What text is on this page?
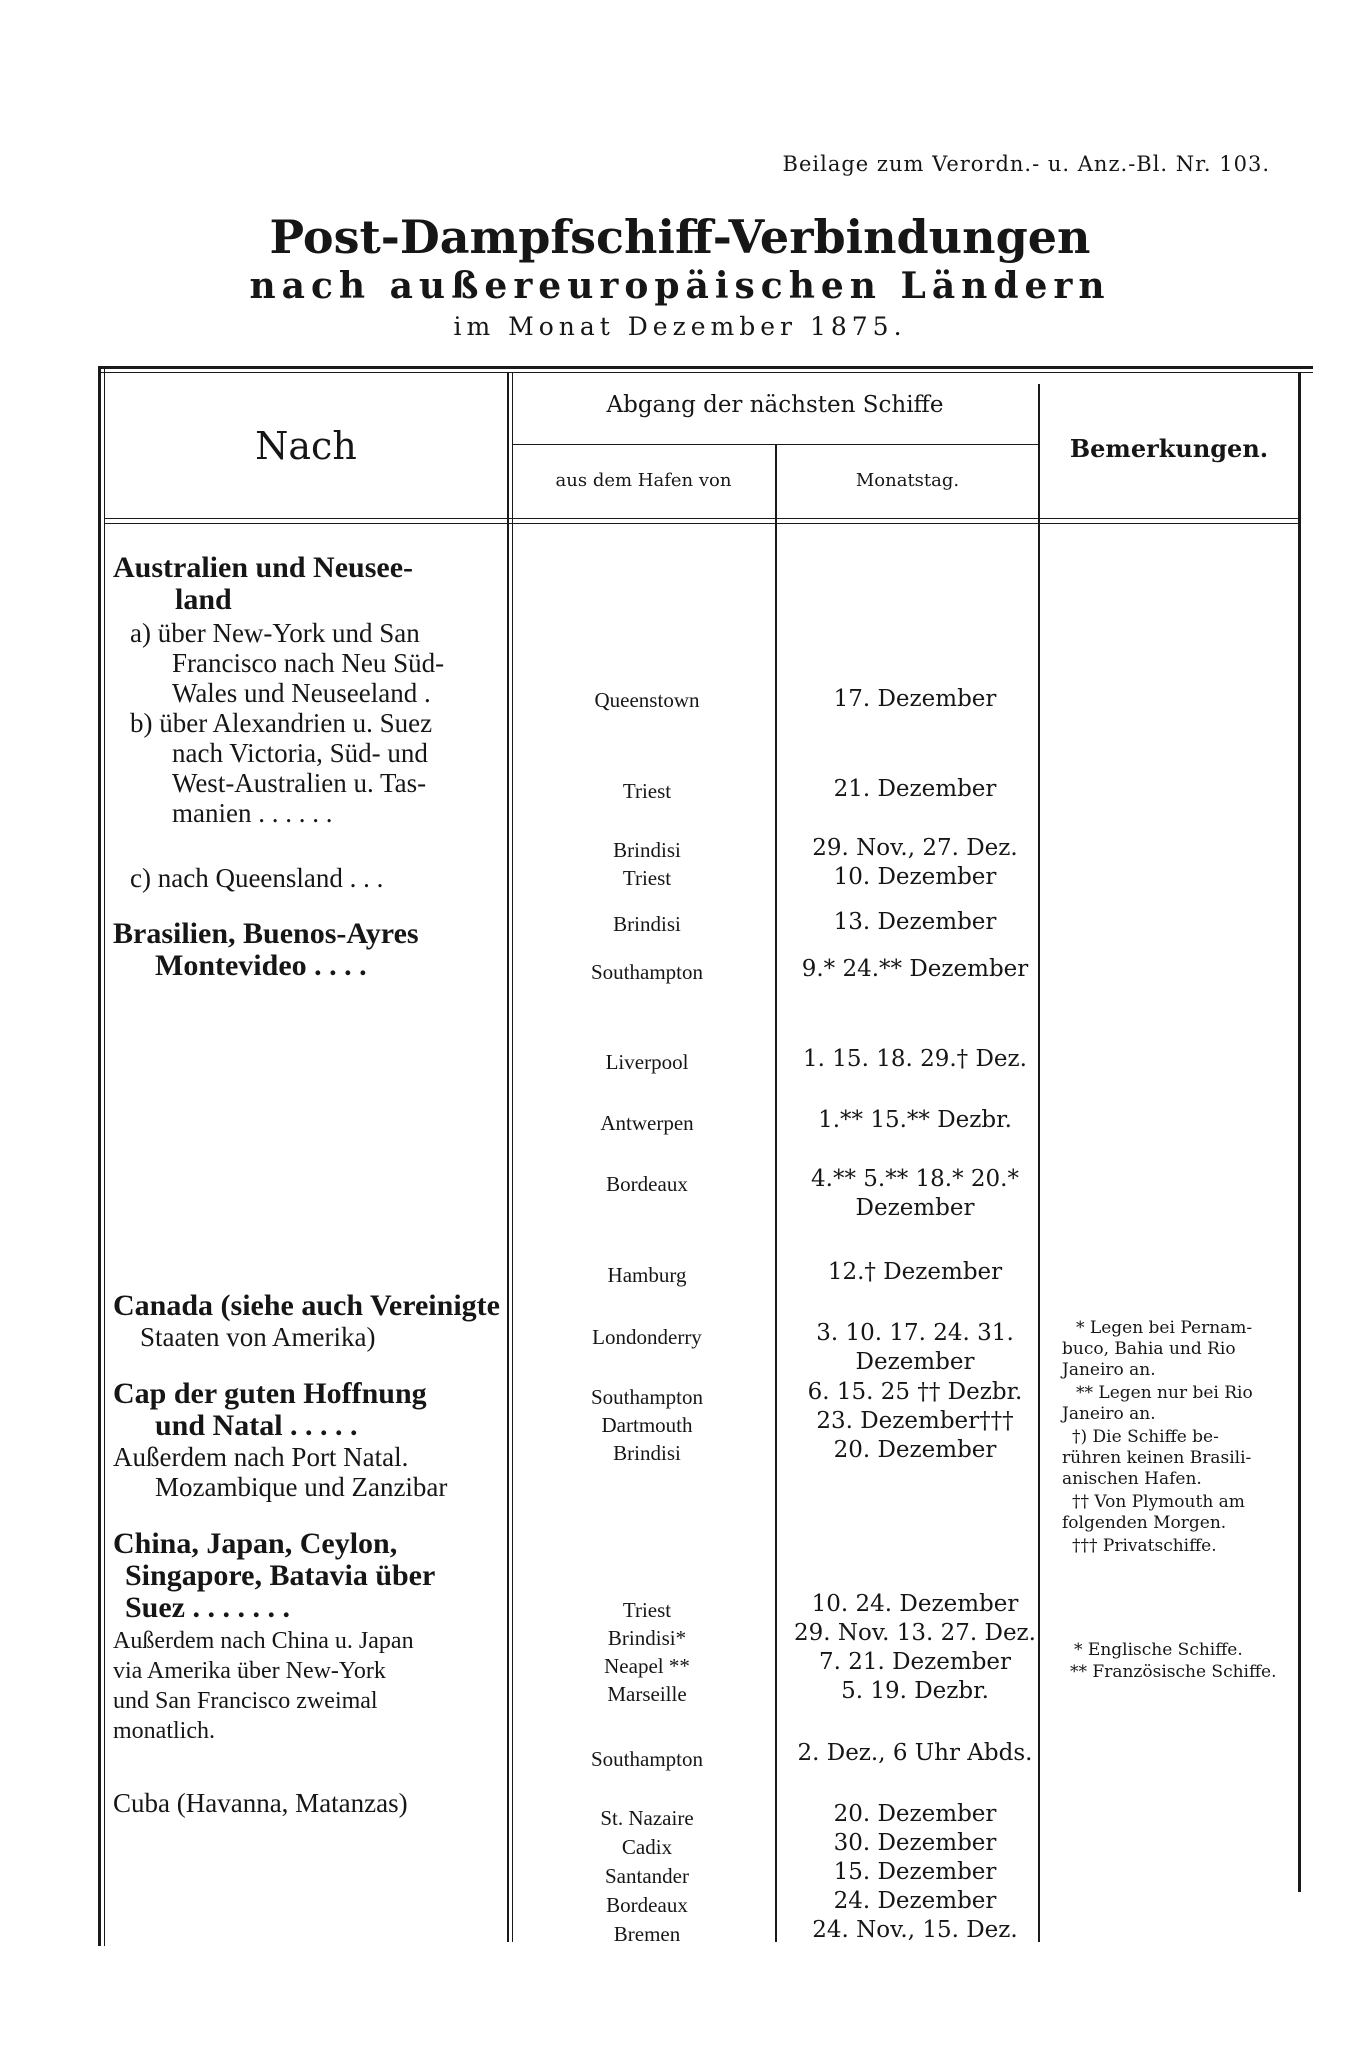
Beilage zum Verordn.- u. Anz.-Bl. Nr. 103.
Post-Dampfschiff-Verbindungen
nach außereuropäischen Ländern
im Monat Dezember 1875.
Nach
Abgang der nächsten Schiffe
aus dem Hafen von	Monatstag.
Bemerkungen.
Australien und Neusee-
land
a) über New-York und San
Francisco nach Neu Süd-
Wales und Neuseeland .
b) über Alexandrien u. Suez
nach Victoria, Süd- und
West-Australien u. Tas-
manien . . . . . .
c) nach Queensland . . .
Brasilien, Buenos-Ayres
Montevideo . . . .
Canada (siehe auch Vereinigte
Staaten von Amerika)
Cap der guten Hoffnung
und Natal . . . . .
Außerdem nach Port Natal.
Mozambique und Zanzibar
China, Japan, Ceylon,
Singapore, Batavia über
Suez . . . . . . .
Außerdem nach China u. Japan
via Amerika über New-York
und San Francisco zweimal
monatlich.
Cuba (Havanna, Matanzas)
Queenstown
Triest
Brindisi
Triest
Brindisi
Southampton
Liverpool
Antwerpen
Bordeaux
Hamburg
Londonderry
Southampton
Dartmouth
Brindisi
Triest
Brindisi*
Neapel **
Marseille
Southampton
St. Nazaire
Cadix
Santander
Bordeaux
Bremen
17. Dezember
21. Dezember
29. Nov., 27. Dez.
10. Dezember
13. Dezember
9.* 24.** Dezember
1. 15. 18. 29.† Dez.
1.** 15.** Dezbr.
4.** 5.** 18.* 20.*
Dezember
12.† Dezember
3. 10. 17. 24. 31.
Dezember
6. 15. 25 †† Dezbr.
23. Dezember†††
20. Dezember
10. 24. Dezember
29. Nov. 13. 27. Dez.
7. 21. Dezember
5. 19. Dezbr.
2. Dez., 6 Uhr Abds.
20. Dezember
30. Dezember
15. Dezember
24. Dezember
24. Nov., 15. Dez.
* Legen bei Pernam-
buco, Bahia und Rio
Janeiro an.
** Legen nur bei Rio
Janeiro an.
†) Die Schiffe be-
rühren keinen Brasili-
anischen Hafen.
†† Von Plymouth am
folgenden Morgen.
††† Privatschiffe.
* Englische Schiffe.
** Französische Schiffe.
